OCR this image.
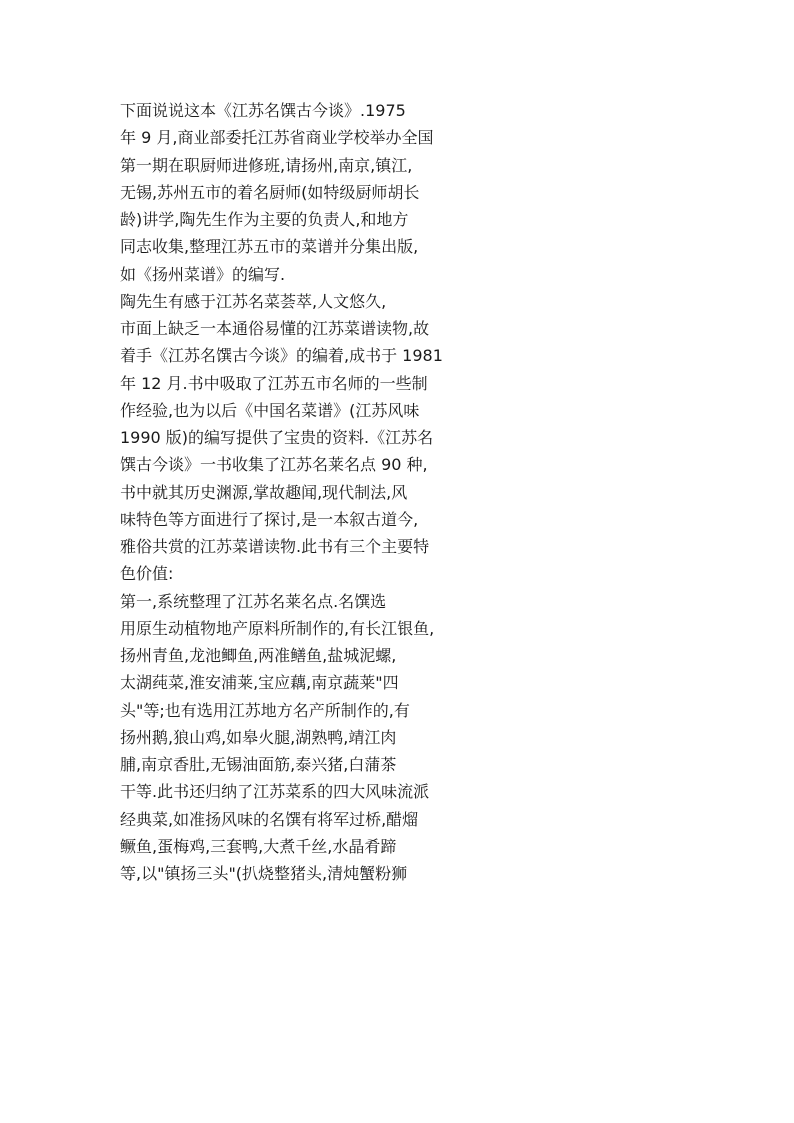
下面说说这本《江苏名馔古今谈》.1975
年 9 月,商业部委托江苏省商业学校举办全国
第一期在职厨师进修班,请扬州,南京,镇江,
无锡,苏州五市的着名厨师(如特级厨师胡长
龄)讲学,陶先生作为主要的负责人,和地方
同志收集,整理江苏五市的菜谱并分集出版,
如《扬州菜谱》的编写.
陶先生有感于江苏名菜荟萃,人文悠久,
市面上缺乏一本通俗易懂的江苏菜谱读物,故
着手《江苏名馔古今谈》的编着,成书于 1981
年 12 月.书中吸取了江苏五市名师的一些制
作经验,也为以后《中国名菜谱》(江苏风味
1990 版)的编写提供了宝贵的资料.《江苏名
馔古今谈》一书收集了江苏名莱名点 90 种,
书中就其历史渊源,掌故趣闻,现代制法,风
味特色等方面进行了探讨,是一本叙古道今,
雅俗共赏的江苏菜谱读物.此书有三个主要特
色价值:
第一,系统整理了江苏名莱名点.名馔选
用原生动植物地产原料所制作的,有长江银鱼,
扬州青鱼,龙池鲫鱼,两准鳝鱼,盐城泥螺,
太湖莼菜,淮安浦莱,宝应藕,南京蔬莱"四
头"等;也有选用江苏地方名产所制作的,有
扬州鹅,狼山鸡,如皋火腿,湖熟鸭,靖江肉
脯,南京香肚,无锡油面筋,泰兴猪,白蒲茶
干等.此书还归纳了江苏菜系的四大风味流派
经典菜,如准扬风味的名馔有将军过桥,醋熘
鳜鱼,蛋梅鸡,三套鸭,大煮千丝,水晶肴蹄
等,以"镇扬三头"(扒烧整猪头,清炖蟹粉狮
